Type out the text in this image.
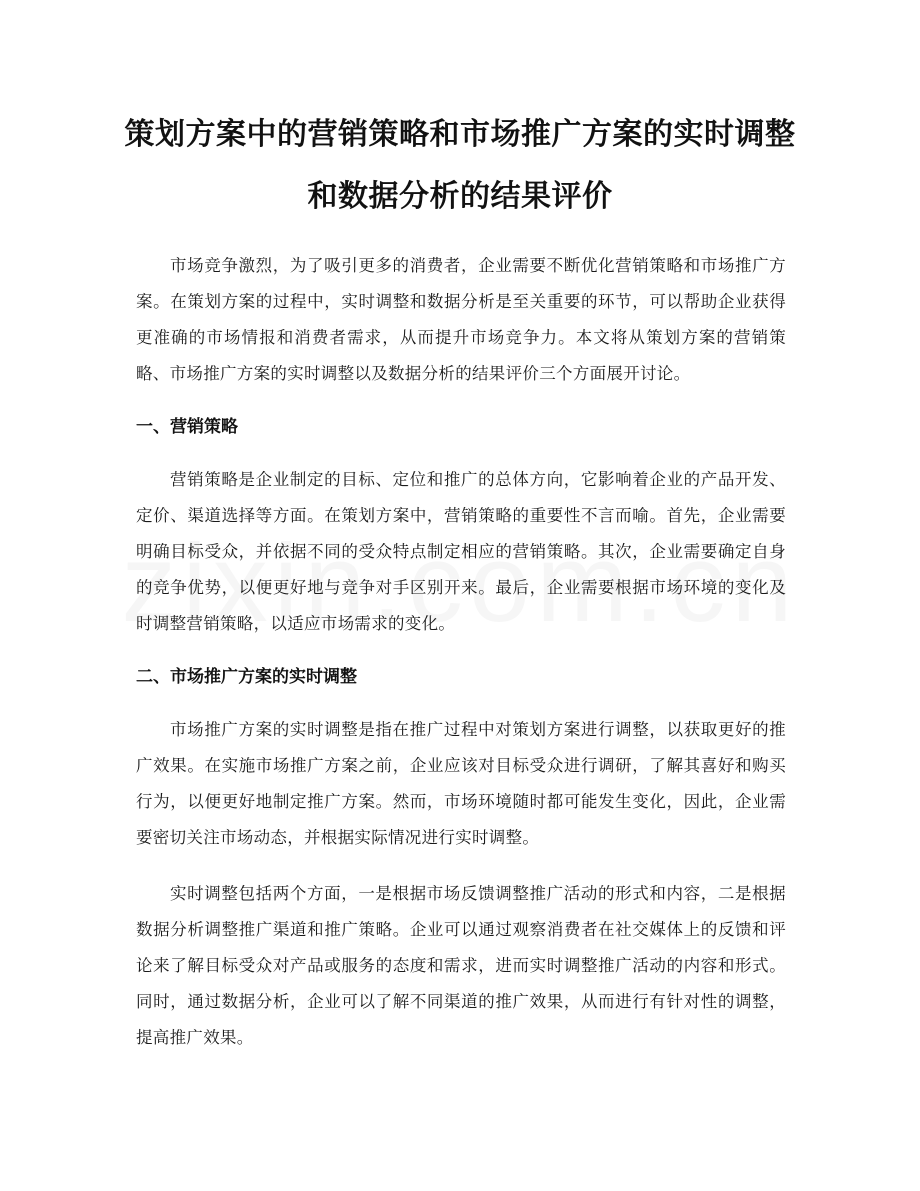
策划方案中的营销策略和市场推广方案的实时调整和数据分析的结果评价

市场竞争激烈，为了吸引更多的消费者，企业需要不断优化营销策略和市场推广方案。在策划方案的过程中，实时调整和数据分析是至关重要的环节，可以帮助企业获得更准确的市场情报和消费者需求，从而提升市场竞争力。本文将从策划方案的营销策略、市场推广方案的实时调整以及数据分析的结果评价三个方面展开讨论。

一、营销策略

营销策略是企业制定的目标、定位和推广的总体方向，它影响着企业的产品开发、定价、渠道选择等方面。在策划方案中，营销策略的重要性不言而喻。首先，企业需要明确目标受众，并依据不同的受众特点制定相应的营销策略。其次，企业需要确定自身的竞争优势，以便更好地与竞争对手区别开来。最后，企业需要根据市场环境的变化及时调整营销策略，以适应市场需求的变化。

二、市场推广方案的实时调整

市场推广方案的实时调整是指在推广过程中对策划方案进行调整，以获取更好的推广效果。在实施市场推广方案之前，企业应该对目标受众进行调研，了解其喜好和购买行为，以便更好地制定推广方案。然而，市场环境随时都可能发生变化，因此，企业需要密切关注市场动态，并根据实际情况进行实时调整。

实时调整包括两个方面，一是根据市场反馈调整推广活动的形式和内容，二是根据数据分析调整推广渠道和推广策略。企业可以通过观察消费者在社交媒体上的反馈和评论来了解目标受众对产品或服务的态度和需求，进而实时调整推广活动的内容和形式。同时，通过数据分析，企业可以了解不同渠道的推广效果，从而进行有针对性的调整，提高推广效果。
